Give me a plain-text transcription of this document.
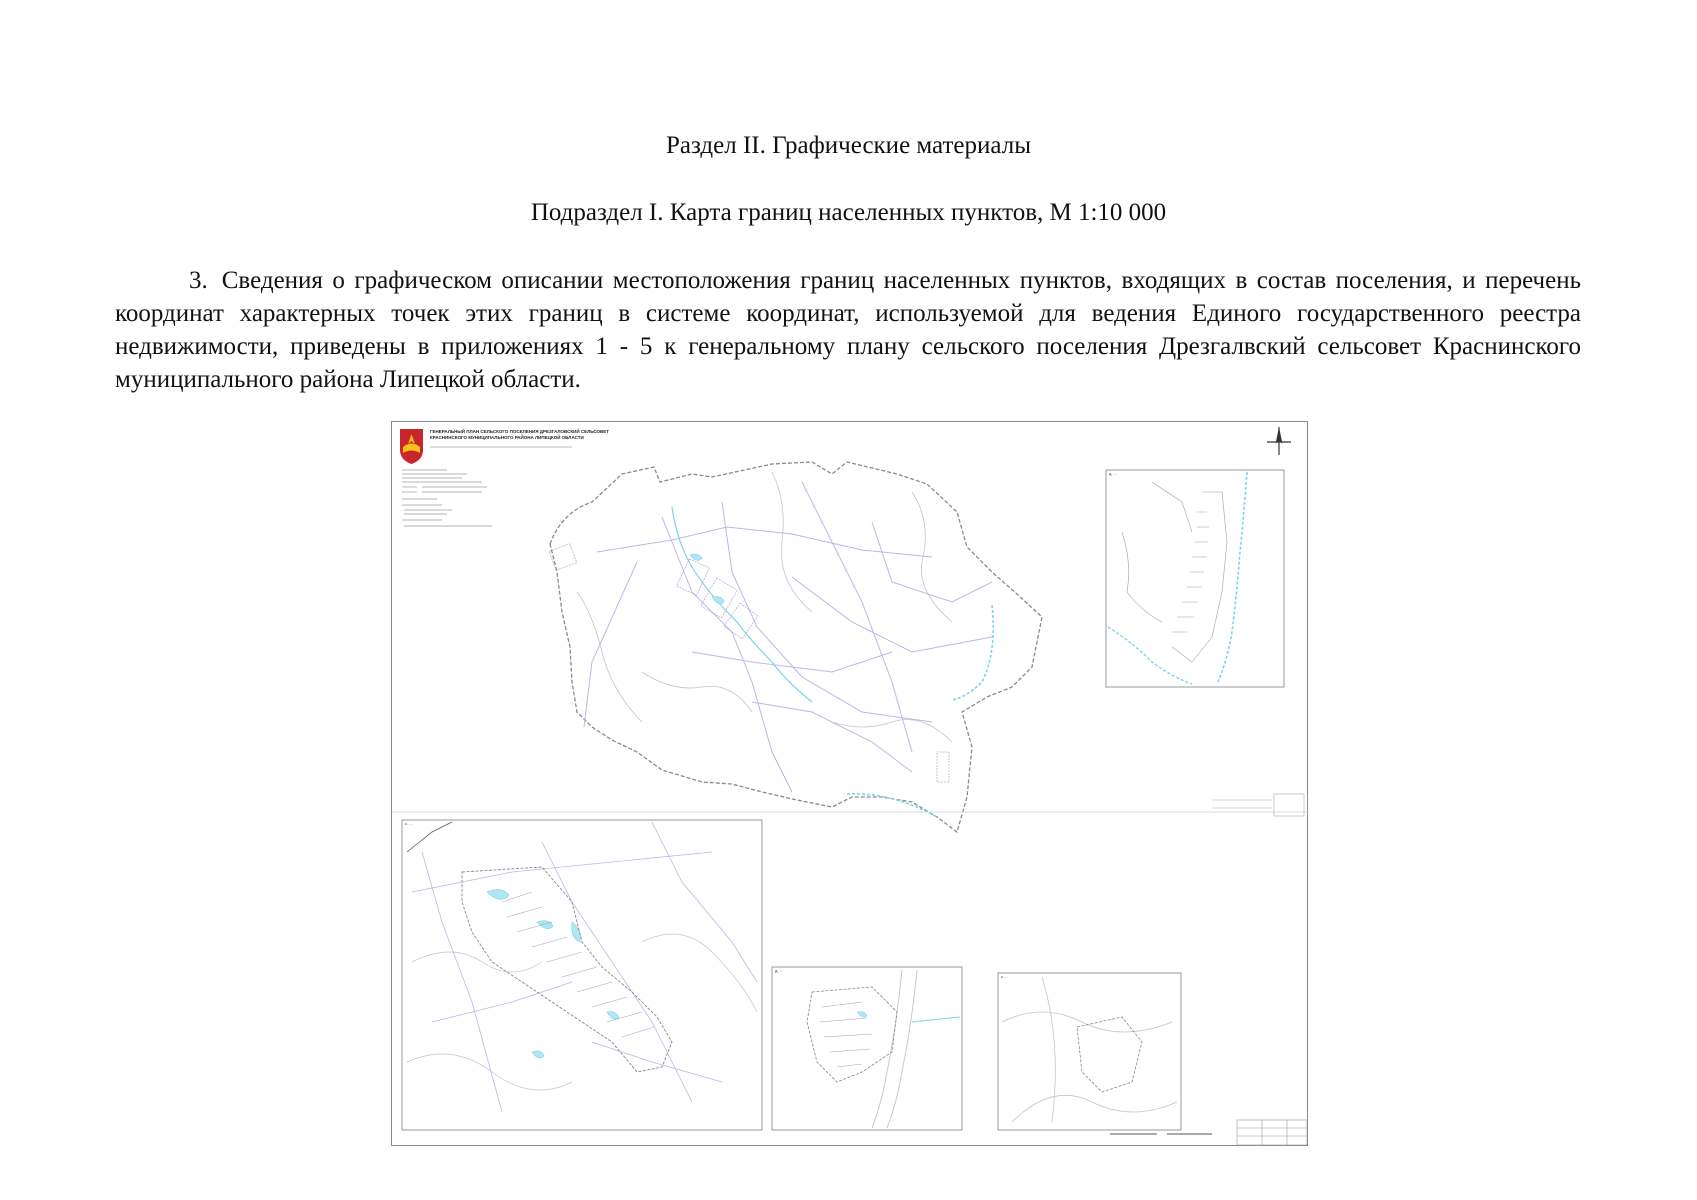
Раздел II. Графические материалы

Подраздел I. Карта границ населенных пунктов, М 1:10 000

3. Сведения о графическом описании местоположения границ населенных пунктов, входящих в состав поселения, и перечень координат характерных точек этих границ в системе координат, используемой для ведения Единого государственного реестра недвижимости, приведены в приложениях 1 - 5 к генеральному плану сельского поселения Дрезгалвский сельсовет Краснинского муниципального района Липецкой области.

ГЕНЕРАЛЬНЫЙ ПЛАН СЕЛЬСКОГО ПОСЕЛЕНИЯ ДРЕЗГАЛОВСКИЙ СЕЛЬСОВЕТ
КРАСНИНСКОГО МУНИЦИПАЛЬНОГО РАЙОНА ЛИПЕЦКОЙ ОБЛАСТИ
д. ...
с. ...
д. ...
с. ...
